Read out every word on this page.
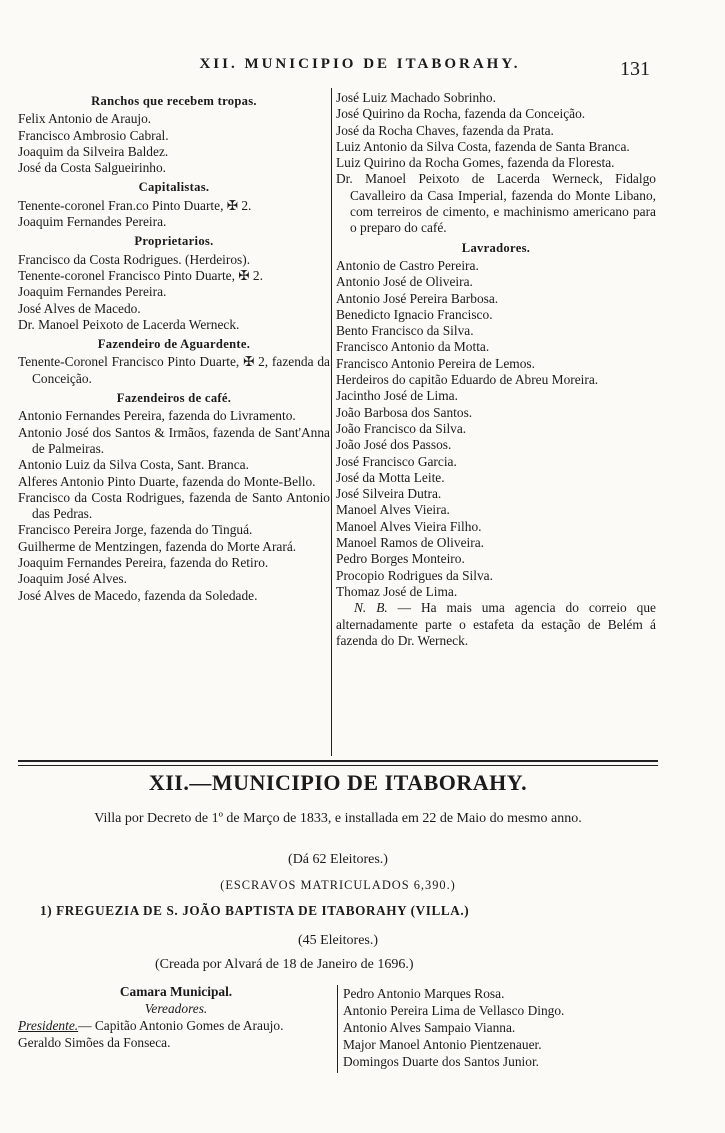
XII. MUNICIPIO DE ITABORAHY.	131
Ranchos que recebem tropas.

Felix Antonio de Araujo.

Francisco Ambrosio Cabral.

Joaquim da Silveira Baldez.

José da Costa Salgueirinho.

Capitalistas.

Tenente-coronel Fran.co Pinto Duarte, ✠ 2.

Joaquim Fernandes Pereira.

Proprietarios.

Francisco da Costa Rodrigues. (Herdeiros).

Tenente-coronel Francisco Pinto Duarte, ✠ 2.

Joaquim Fernandes Pereira.

José Alves de Macedo.

Dr. Manoel Peixoto de Lacerda Werneck.

Fazendeiro de Aguardente.

Tenente-Coronel Francisco Pinto Duarte, ✠ 2, fazenda da Conceição.

Fazendeiros de café.

Antonio Fernandes Pereira, fazenda do Livramento.

Antonio José dos Santos & Irmãos, fazenda de Sant'Anna de Palmeiras.

Antonio Luiz da Silva Costa, Sant. Branca.

Alferes Antonio Pinto Duarte, fazenda do Monte-Bello.

Francisco da Costa Rodrigues, fazenda de Santo Antonio das Pedras.

Francisco Pereira Jorge, fazenda do Tinguá.

Guilherme de Mentzingen, fazenda do Morte Arará.

Joaquim Fernandes Pereira, fazenda do Retiro.

Joaquim José Alves.

José Alves de Macedo, fazenda da Soledade.

José Luiz Machado Sobrinho.

José Quirino da Rocha, fazenda da Conceição.

José da Rocha Chaves, fazenda da Prata.

Luiz Antonio da Silva Costa, fazenda de Santa Branca.

Luiz Quirino da Rocha Gomes, fazenda da Floresta.

Dr. Manoel Peixoto de Lacerda Werneck, Fidalgo Cavalleiro da Casa Imperial, fazenda do Monte Libano, com terreiros de cimento, e machinismo americano para o preparo do café.

Lavradores.

Antonio de Castro Pereira.

Antonio José de Oliveira.

Antonio José Pereira Barbosa.

Benedicto Ignacio Francisco.

Bento Francisco da Silva.

Francisco Antonio da Motta.

Francisco Antonio Pereira de Lemos.

Herdeiros do capitão Eduardo de Abreu Moreira.

Jacintho José de Lima.

João Barbosa dos Santos.

João Francisco da Silva.

João José dos Passos.

José Francisco Garcia.

José da Motta Leite.

José Silveira Dutra.

Manoel Alves Vieira.

Manoel Alves Vieira Filho.

Manoel Ramos de Oliveira.

Pedro Borges Monteiro.

Procopio Rodrigues da Silva.

Thomaz José de Lima.

N. B. — Ha mais uma agencia do correio que alternadamente parte o estafeta da estação de Belém á fazenda do Dr. Werneck.

XII.—MUNICIPIO DE ITABORAHY.
Villa por Decreto de 1º de Março de 1833, e installada em 22 de Maio do mesmo anno.
(Dá 62 Eleitores.)
(ESCRAVOS MATRICULADOS 6,390.)
1) FREGUEZIA DE S. JOÃO BAPTISTA DE ITABORAHY (VILLA.)
(45 Eleitores.)
(Creada por Alvará de 18 de Janeiro de 1696.)
Camara Municipal.
Vereadores.

Presidente.— Capitão Antonio Gomes de Araujo.

Geraldo Simões da Fonseca.
Pedro Antonio Marques Rosa.
Antonio Pereira Lima de Vellasco Dingo.
Antonio Alves Sampaio Vianna.
Major Manoel Antonio Pientzenauer.
Domingos Duarte dos Santos Junior.
